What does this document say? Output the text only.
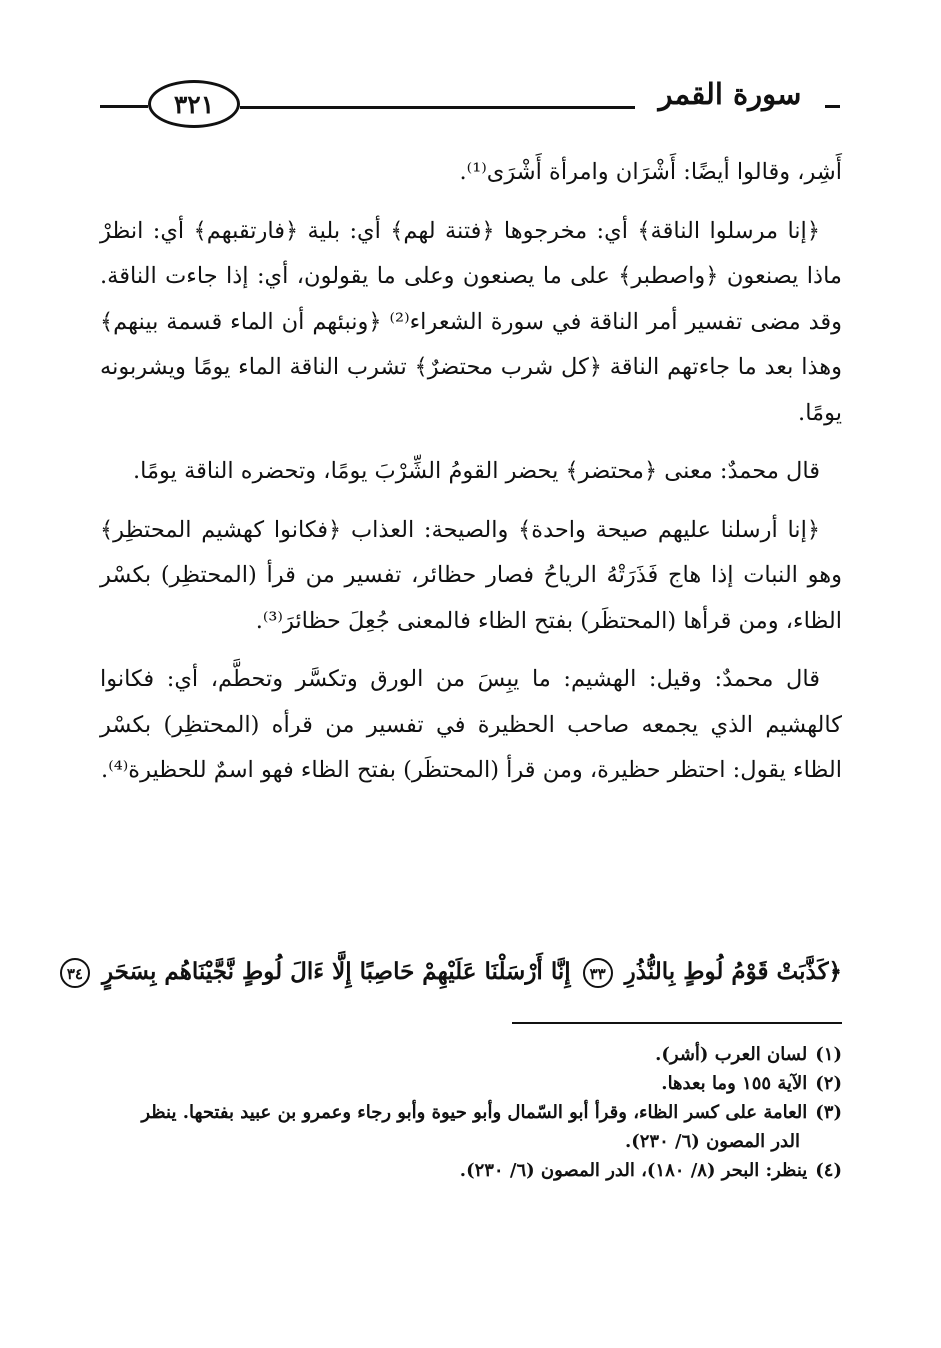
٣٢١	سورة القمر

أَشِر، وقالوا أيضًا: أَشْرَان وامرأة أَشْرَى⁽¹⁾.

﴿إنا مرسلوا الناقة﴾ أي: مخرجوها ﴿فتنة لهم﴾ أي: بلية ﴿فارتقبهم﴾ أي: انظرْ ماذا يصنعون ﴿واصطبر﴾ على ما يصنعون وعلى ما يقولون، أي: إذا جاءت الناقة. وقد مضى تفسير أمر الناقة في سورة الشعراء⁽²⁾ ﴿ونبئهم أن الماء قسمة بينهم﴾ وهذا بعد ما جاءتهم الناقة ﴿كل شرب محتضرٌ﴾ تشرب الناقة الماء يومًا ويشربونه يومًا.

قال محمدٌ: معنى ﴿محتضر﴾ يحضر القومُ الشِّرْبَ يومًا، وتحضره الناقة يومًا.

﴿إنا أرسلنا عليهم صيحة واحدة﴾ والصيحة: العذاب ﴿فكانوا كهشيم المحتظِر﴾ وهو النبات إذا هاج فَذَرَتْهُ الرياحُ فصار حظائر، تفسير من قرأ (المحتظِر) بكسْر الظاء، ومن قرأها (المحتظَر) بفتح الظاء فالمعنى جُعِلَ حظائرَ⁽³⁾.

قال محمدٌ: وقيل: الهشيم: ما يبِسَ من الورق وتكسَّر وتحطَّم، أي: فكانوا كالهشيم الذي يجمعه صاحب الحظيرة في تفسير من قرأه (المحتظِر) بكسْر الظاء يقول: احتظر حظيرة، ومن قرأ (المحتظَر) بفتح الظاء فهو اسمٌ للحظيرة⁽⁴⁾.

﴿كَذَّبَتْ قَوْمُ لُوطٍ بِالنُّذُرِ ٣٣ إِنَّا أَرْسَلْنَا عَلَيْهِمْ حَاصِبًا إِلَّا ءَالَ لُوطٍ نَّجَّيْنَاهُم بِسَحَرٍ ٣٤

(١)لسان العرب (أشر).

(٢)الآية ١٥٥ وما بعدها.

(٣)العامة على كسر الظاء، وقرأ أبو السّمال وأبو حيوة وأبو رجاء وعمرو بن عبيد بفتحها. ينظر

الدر المصون (٦/ ٢٣٠).

(٤)ينظر: البحر (٨/ ١٨٠)، الدر المصون (٦/ ٢٣٠).
